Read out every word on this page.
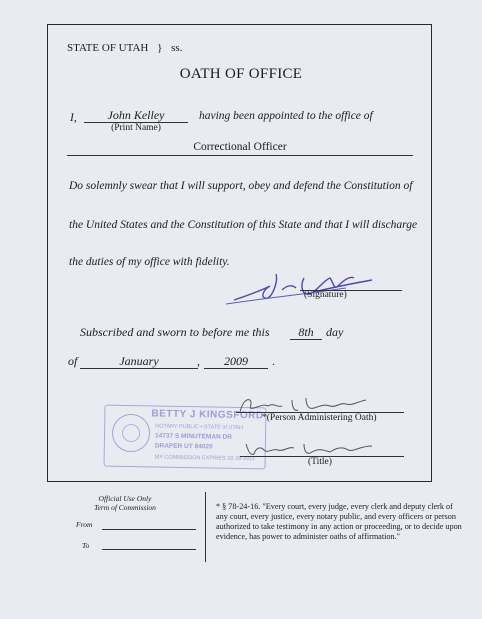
STATE OF UTAH } ss.
OATH OF OFFICE
I,	John Kelley
(Print Name)
having been appointed to the office of
Correctional Officer
Do solemnly swear that I will support, obey and defend the Constitution of
the United States and the Constitution of this State and that I will discharge
the duties of my office with fidelity.
(Signature)
Subscribed and sworn to before me this	8th	day
of	January	,	2009	.
BETTY J KINGSFORD
NOTARY PUBLIC • STATE of UTAH
14737 S MINUTEMAN DR
DRAPER UT 84020
MY COMMISSION EXPIRES 10-28-2011
*(Person Administering Oath)
(Title)
Official Use Only
Term of Commission
From
To
* § 78-24-16. "Every court, every judge, every clerk and deputy clerk of any court, every justice, every notary public, and every officers or person authorized to take testimony in any action or proceeding, or to decide upon evidence, has power to administer oaths of affirmation."
